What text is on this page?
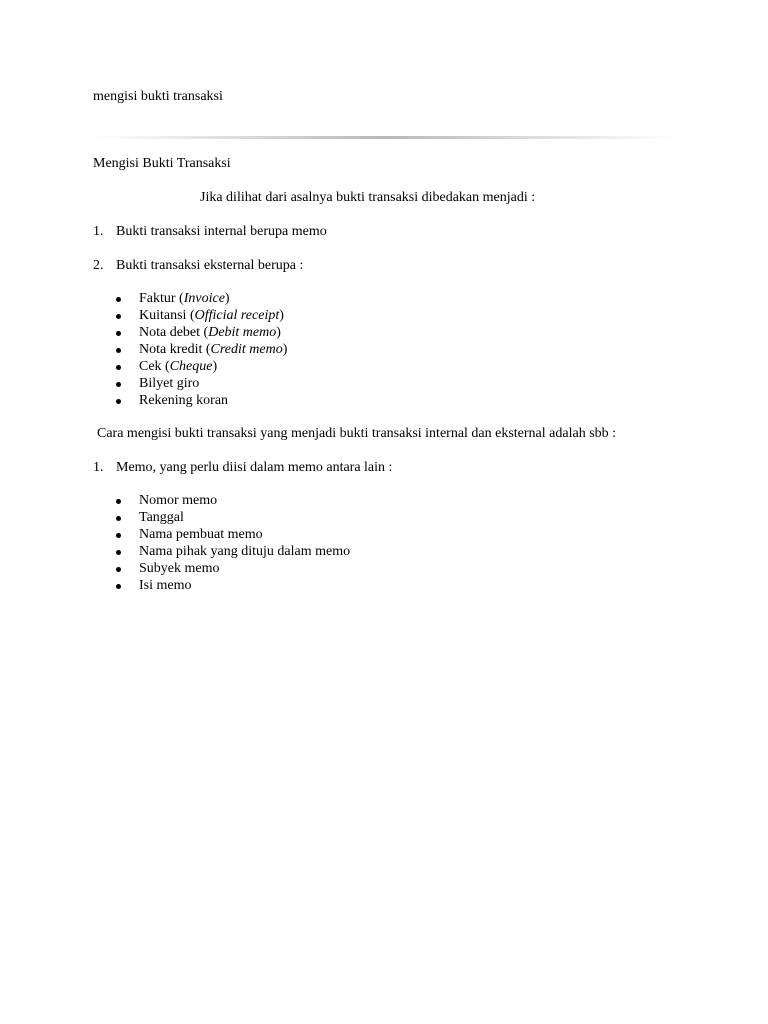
mengisi bukti transaksi
Mengisi Bukti Transaksi
Jika dilihat dari asalnya bukti transaksi dibedakan menjadi :
1. Bukti transaksi internal berupa memo
2. Bukti transaksi eksternal berupa :
Faktur (Invoice)
Kuitansi (Official receipt)
Nota debet (Debit memo)
Nota kredit (Credit memo)
Cek (Cheque)
Bilyet giro
Rekening koran
Cara mengisi bukti transaksi yang menjadi bukti transaksi internal dan eksternal adalah sbb :
1. Memo, yang perlu diisi dalam memo antara lain :
Nomor memo
Tanggal
Nama pembuat memo
Nama pihak yang dituju dalam memo
Subyek memo
Isi memo
